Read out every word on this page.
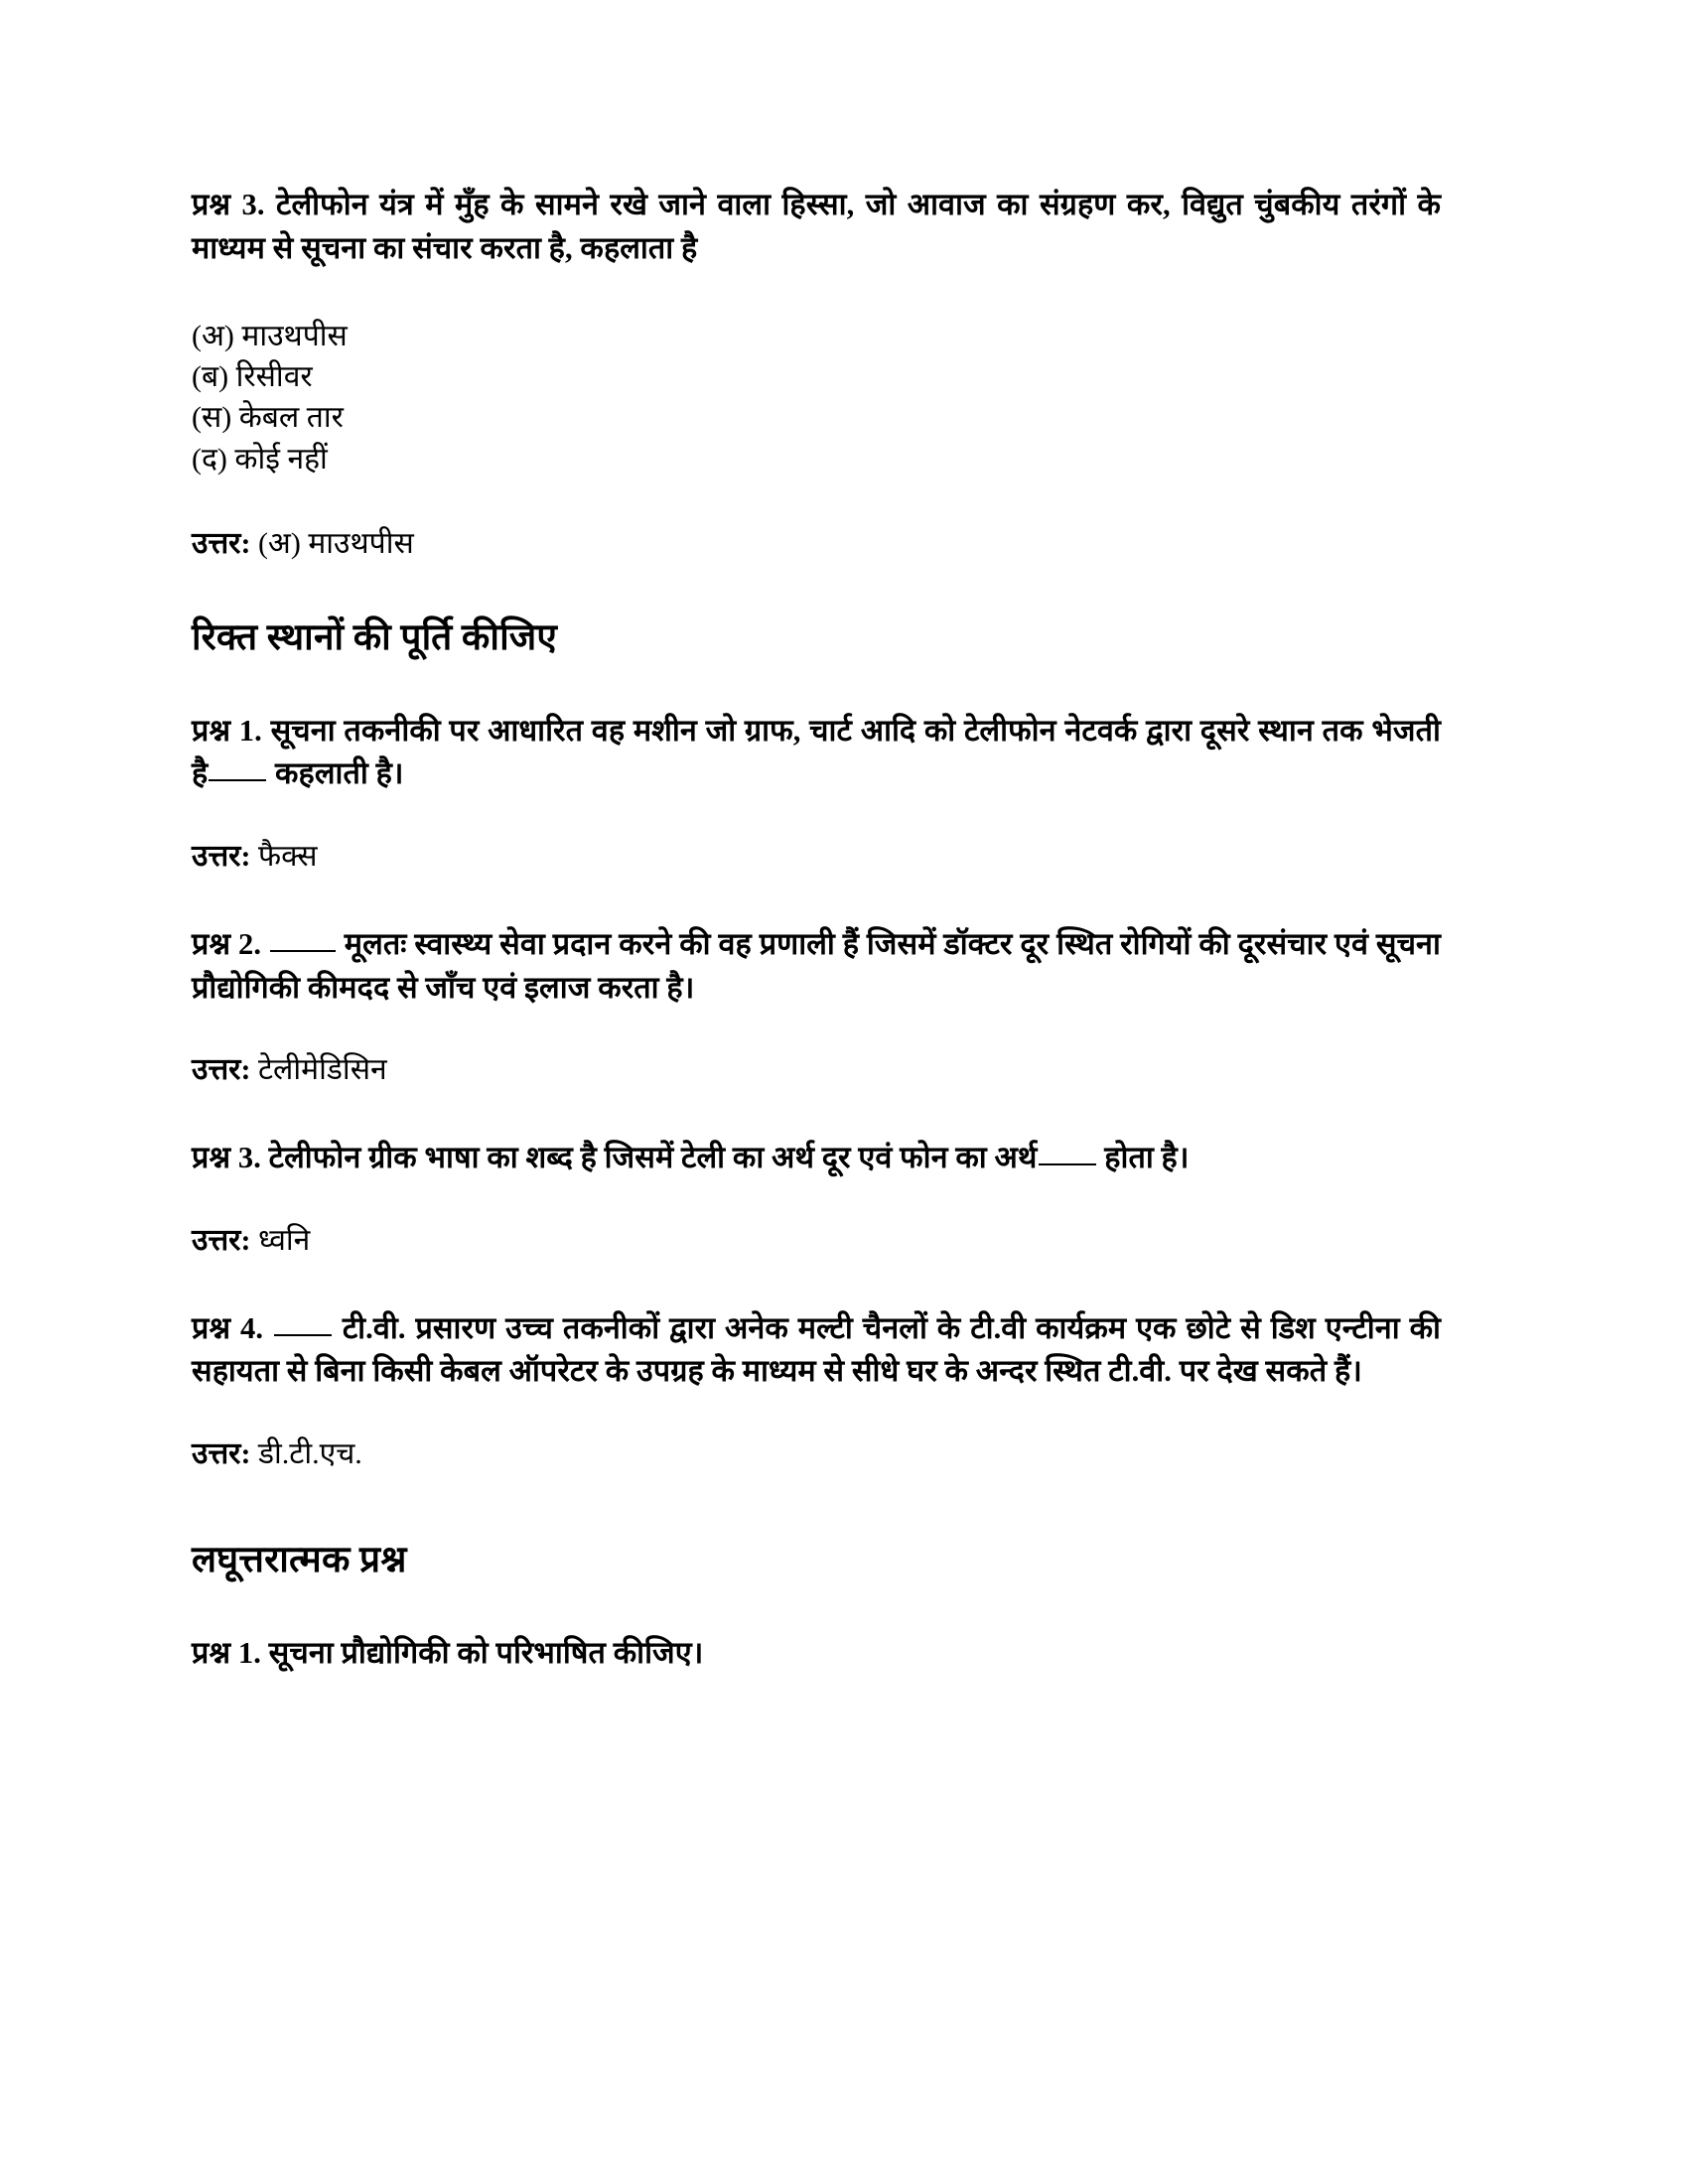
प्रश्न 3. टेलीफोन यंत्र में मुँह के सामने रखे जाने वाला हिस्सा, जो आवाज का संग्रहण कर, विद्युत चुंबकीय तरंगों के माध्यम से सूचना का संचार करता है, कहलाता है

(अ) माउथपीस
(ब) रिसीवर
(स) केबल तार
(द) कोई नहीं

उत्तर: (अ) माउथपीस

रिक्त स्थानों की पूर्ति कीजिए

प्रश्न 1. सूचना तकनीकी पर आधारित वह मशीन जो ग्राफ, चार्ट आदि को टेलीफोन नेटवर्क द्वारा दूसरे स्थान तक भेजती है कहलाती है।

उत्तर: फैक्स

प्रश्न 2.	मूलतः स्वास्थ्य सेवा प्रदान करने की वह प्रणाली हैं जिसमें डॉक्टर दूर स्थित रोगियों की दूरसंचार एवं सूचना प्रौद्योगिकी कीमदद से जाँच एवं इलाज करता है।

उत्तर: टेलीमेडिसिन

प्रश्न 3. टेलीफोन ग्रीक भाषा का शब्द है जिसमें टेली का अर्थ दूर एवं फोन का अर्थ होता है।

उत्तर: ध्वनि

प्रश्न 4.	टी.वी. प्रसारण उच्च तकनीकों द्वारा अनेक मल्टी चैनलों के टी.वी कार्यक्रम एक छोटे से डिश एन्टीना की सहायता से बिना किसी केबल ऑपरेटर के उपग्रह के माध्यम से सीधे घर के अन्दर स्थित टी.वी. पर देख सकते हैं।

उत्तर: डी.टी.एच.

लघूत्तरात्मक प्रश्न

प्रश्न 1. सूचना प्रौद्योगिकी को परिभाषित कीजिए।
